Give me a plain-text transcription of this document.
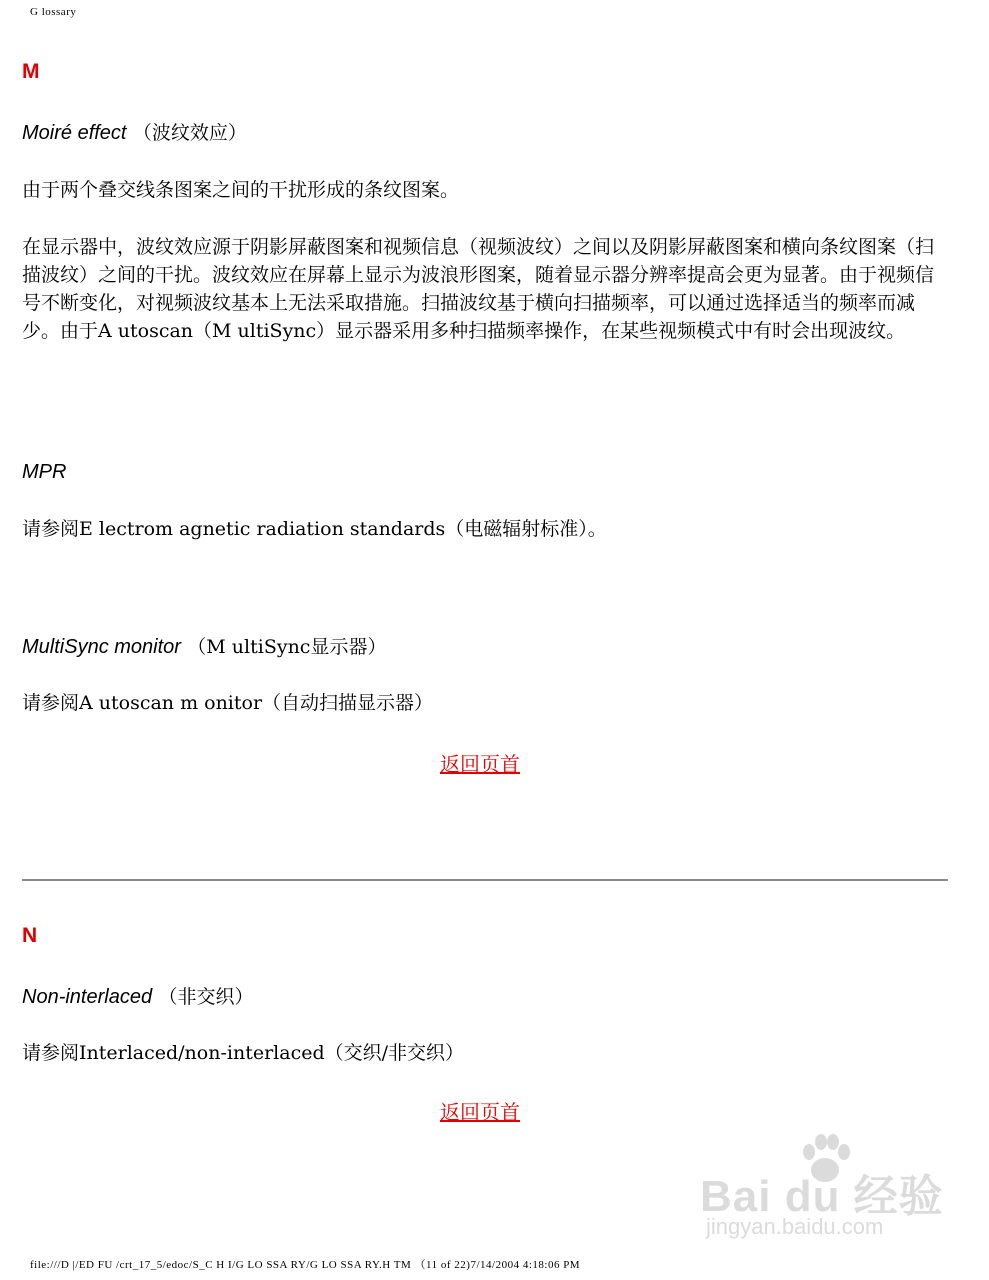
G lossary
M
Moiré effect （波纹效应）
由于两个叠交线条图案之间的干扰形成的条纹图案。
在显示器中，波纹效应源于阴影屏蔽图案和视频信息（视频波纹）之间以及阴影屏蔽图案和横向条纹图案（扫描波纹）之间的干扰。波纹效应在屏幕上显示为波浪形图案，随着显示器分辨率提高会更为显著。由于视频信号不断变化，对视频波纹基本上无法采取措施。扫描波纹基于横向扫描频率，可以通过选择适当的频率而减少。由于A utoscan（M ultiSync）显示器采用多种扫描频率操作，在某些视频模式中有时会出现波纹。
MPR
请参阅E lectrom agnetic radiation standards（电磁辐射标准）。
MultiSync monitor （M ultiSync显示器）
请参阅A utoscan m onitor（自动扫描显示器）
返回页首
N
Non-interlaced （非交织）
请参阅Interlaced/non-interlaced（交织/非交织）
返回页首
Bai du 经验
jingyan.baidu.com
file:///D |/ED FU /crt_17_5/edoc/S_C H I/G LO SSA RY/G LO SSA RY.H TM （11 of 22)7/14/2004 4:18:06 PM
